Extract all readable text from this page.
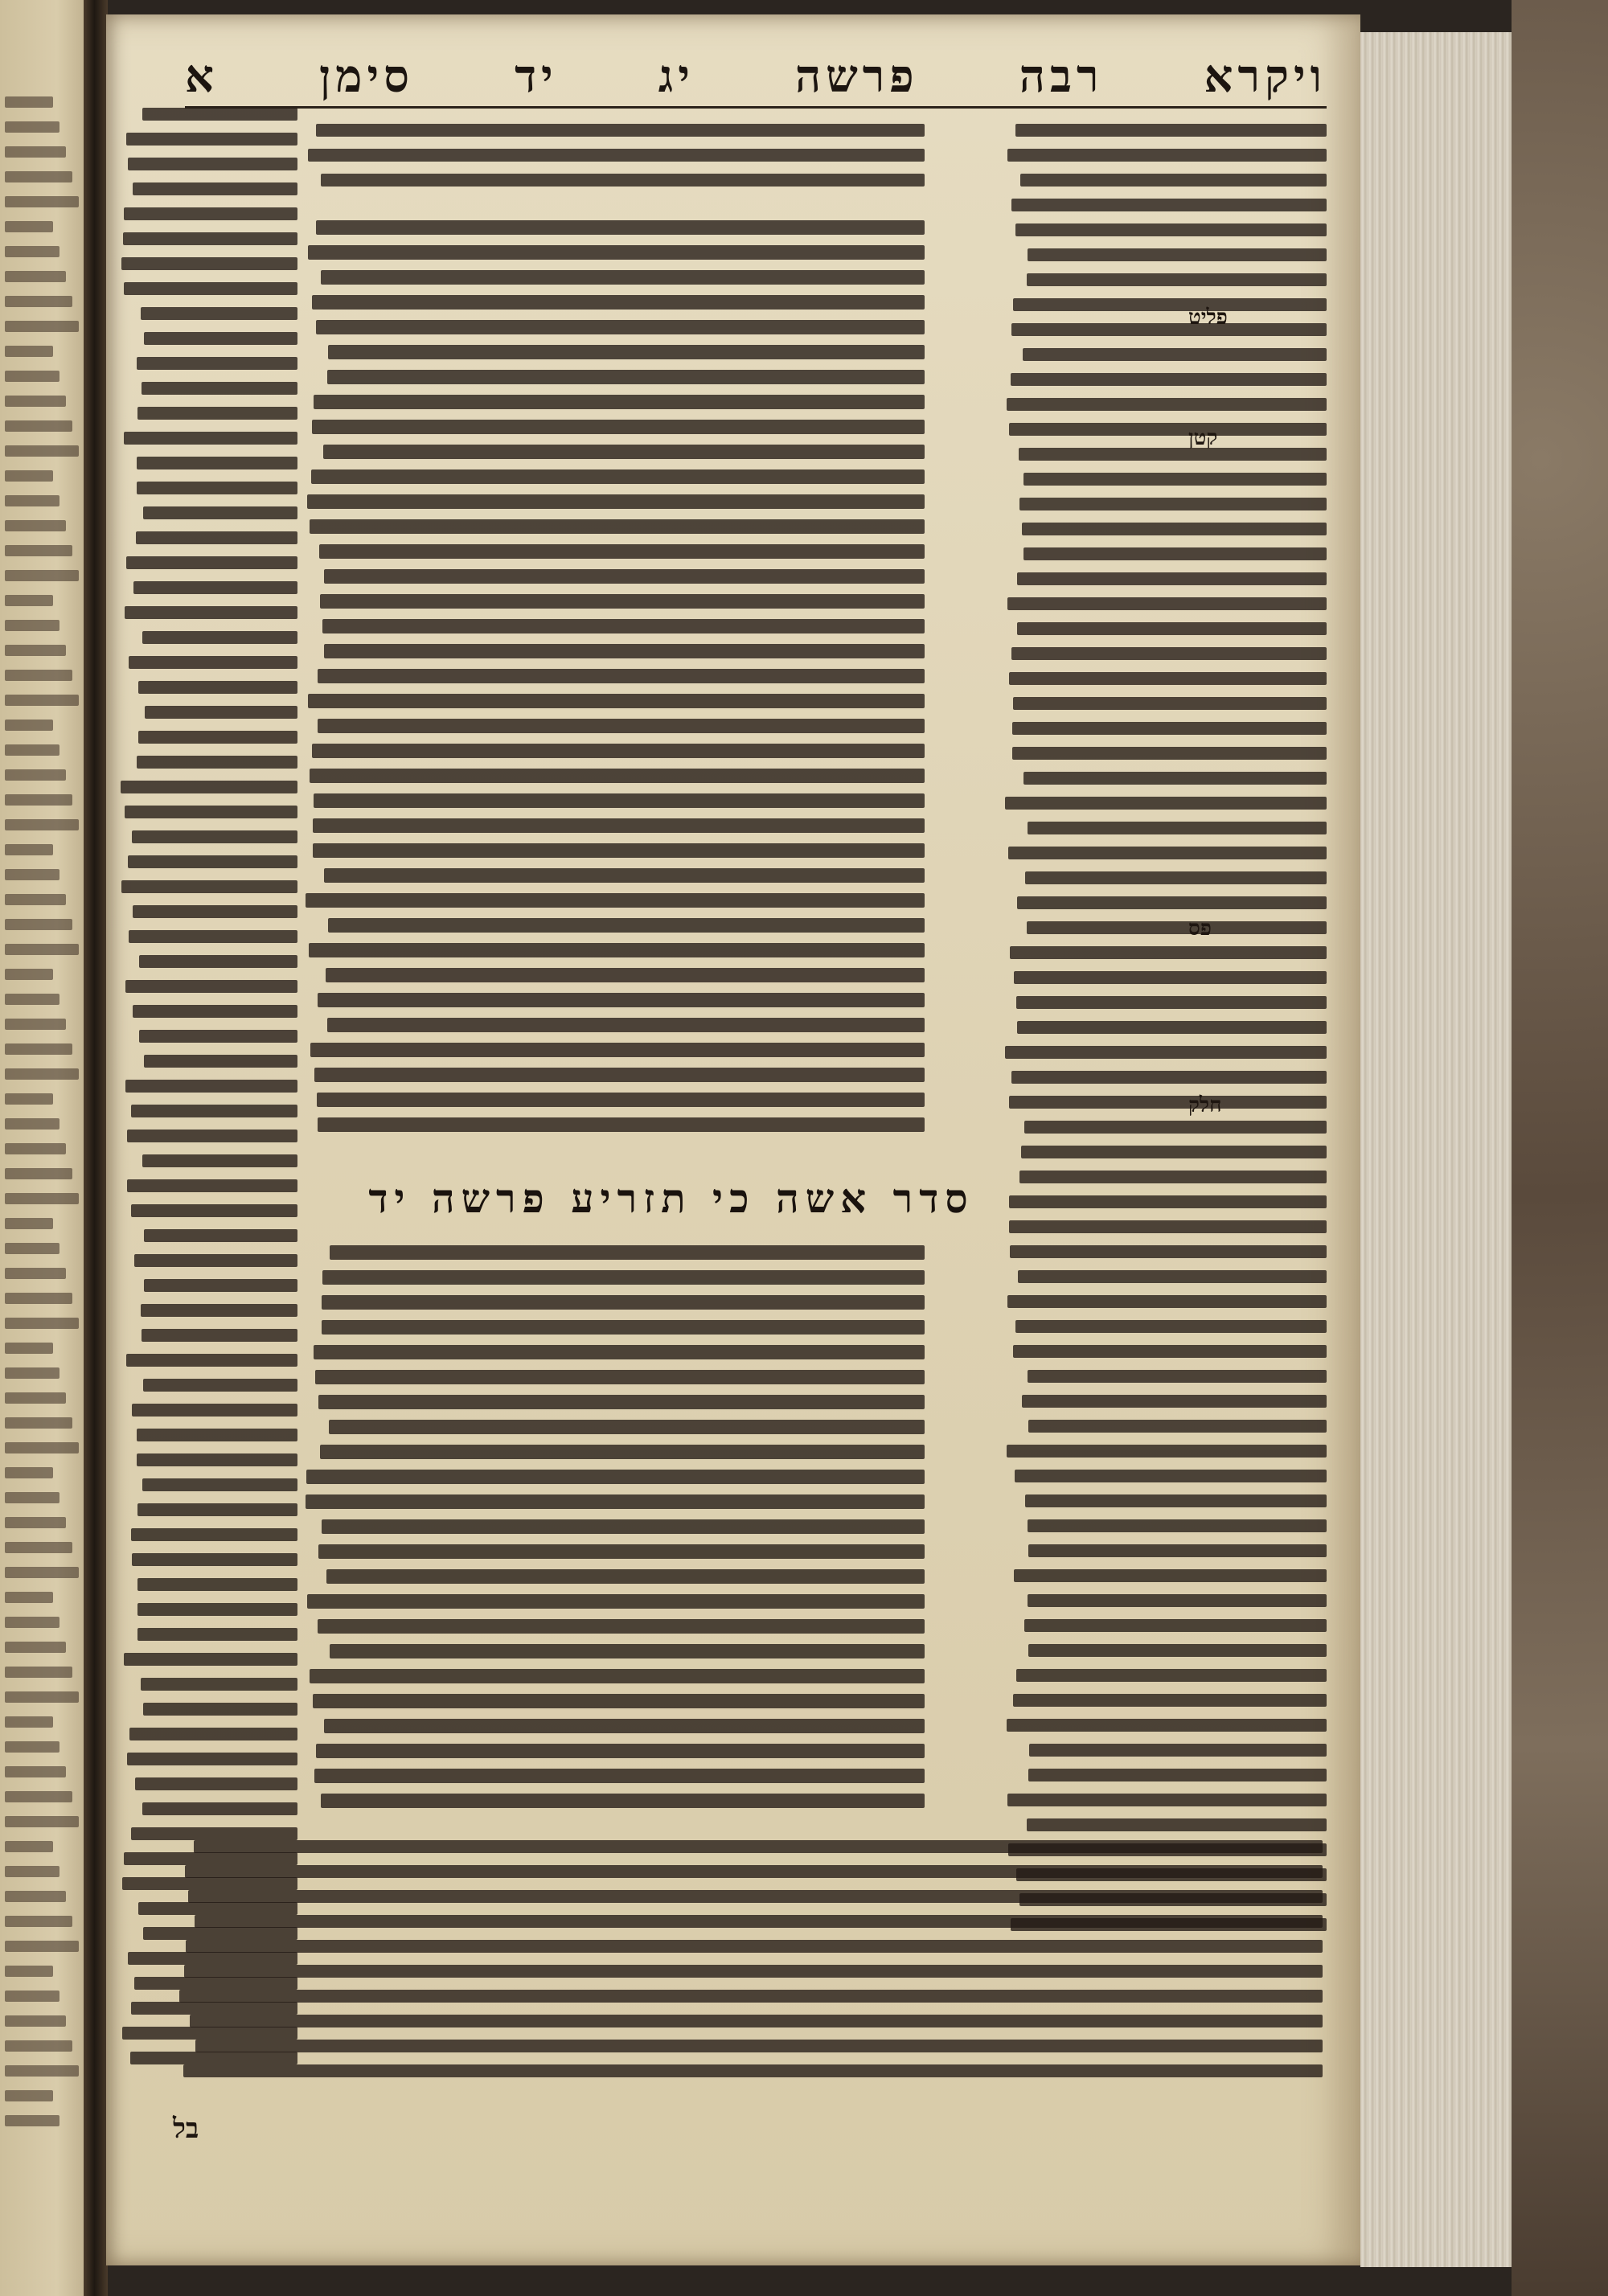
ויקרא
רבה
פרשה
יג
יד
סימן
א
סדר אשה כי תזריע פרשה יד
בל
פליט
קטן
פס
חלק
